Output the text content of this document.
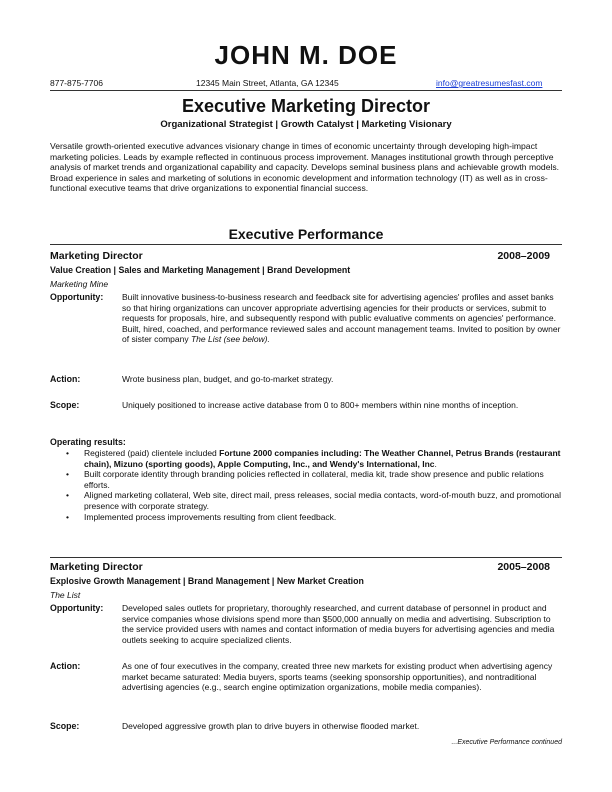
JOHN M. DOE
877-875-7706	12345 Main Street, Atlanta, GA 12345	info@greatresumesfast.com
Executive Marketing Director
Organizational Strategist | Growth Catalyst | Marketing Visionary
Versatile growth-oriented executive advances visionary change in times of economic uncertainty through developing high-impact marketing policies. Leads by example reflected in continuous process improvement. Manages institutional growth through perceptive analysis of market trends and organizational capability and capacity. Develops seminal business plans and achievable growth models. Broad experience in sales and marketing of solutions in economic development and information technology (IT) as well as in cross-functional executive teams that drive organizations to exponential financial success.
Executive Performance
Marketing Director	2008–2009
Value Creation | Sales and Marketing Management | Brand Development
Marketing Mine
Opportunity:	Built innovative business-to-business research and feedback site for advertising agencies' profiles and asset banks so that hiring organizations can uncover appropriate advertising agencies for their products or services, submit to requests for proposals, hire, and subsequently respond with public evaluative comments on agencies' performance. Built, hired, coached, and performance reviewed sales and account management teams. Invited to position by owner of sister company The List (see below).
Action:	Wrote business plan, budget, and go-to-market strategy.
Scope:	Uniquely positioned to increase active database from 0 to 800+ members within nine months of inception.
Operating results:
• Registered (paid) clientele included Fortune 2000 companies including: The Weather Channel, Petrus Brands (restaurant chain), Mizuno (sporting goods), Apple Computing, Inc., and Wendy's International, Inc.
• Built corporate identity through branding policies reflected in collateral, media kit, trade show presence and public relations efforts.
• Aligned marketing collateral, Web site, direct mail, press releases, social media contacts, word-of-mouth buzz, and promotional presence with corporate strategy.
• Implemented process improvements resulting from client feedback.
Marketing Director	2005–2008
Explosive Growth Management | Brand Management | New Market Creation
The List
Opportunity:	Developed sales outlets for proprietary, thoroughly researched, and current database of personnel in product and service companies whose divisions spend more than $500,000 annually on media and advertising. Subscription to the service provided users with names and contact information of media buyers for advertising agencies and media outlets seeking to acquire specialized clients.
Action:	As one of four executives in the company, created three new markets for existing product when advertising agency market became saturated: Media buyers, sports teams (seeking sponsorship opportunities), and nontraditional advertising agencies (e.g., search engine optimization organizations, mobile media companies).
Scope:	Developed aggressive growth plan to drive buyers in otherwise flooded market.
...Executive Performance continued
